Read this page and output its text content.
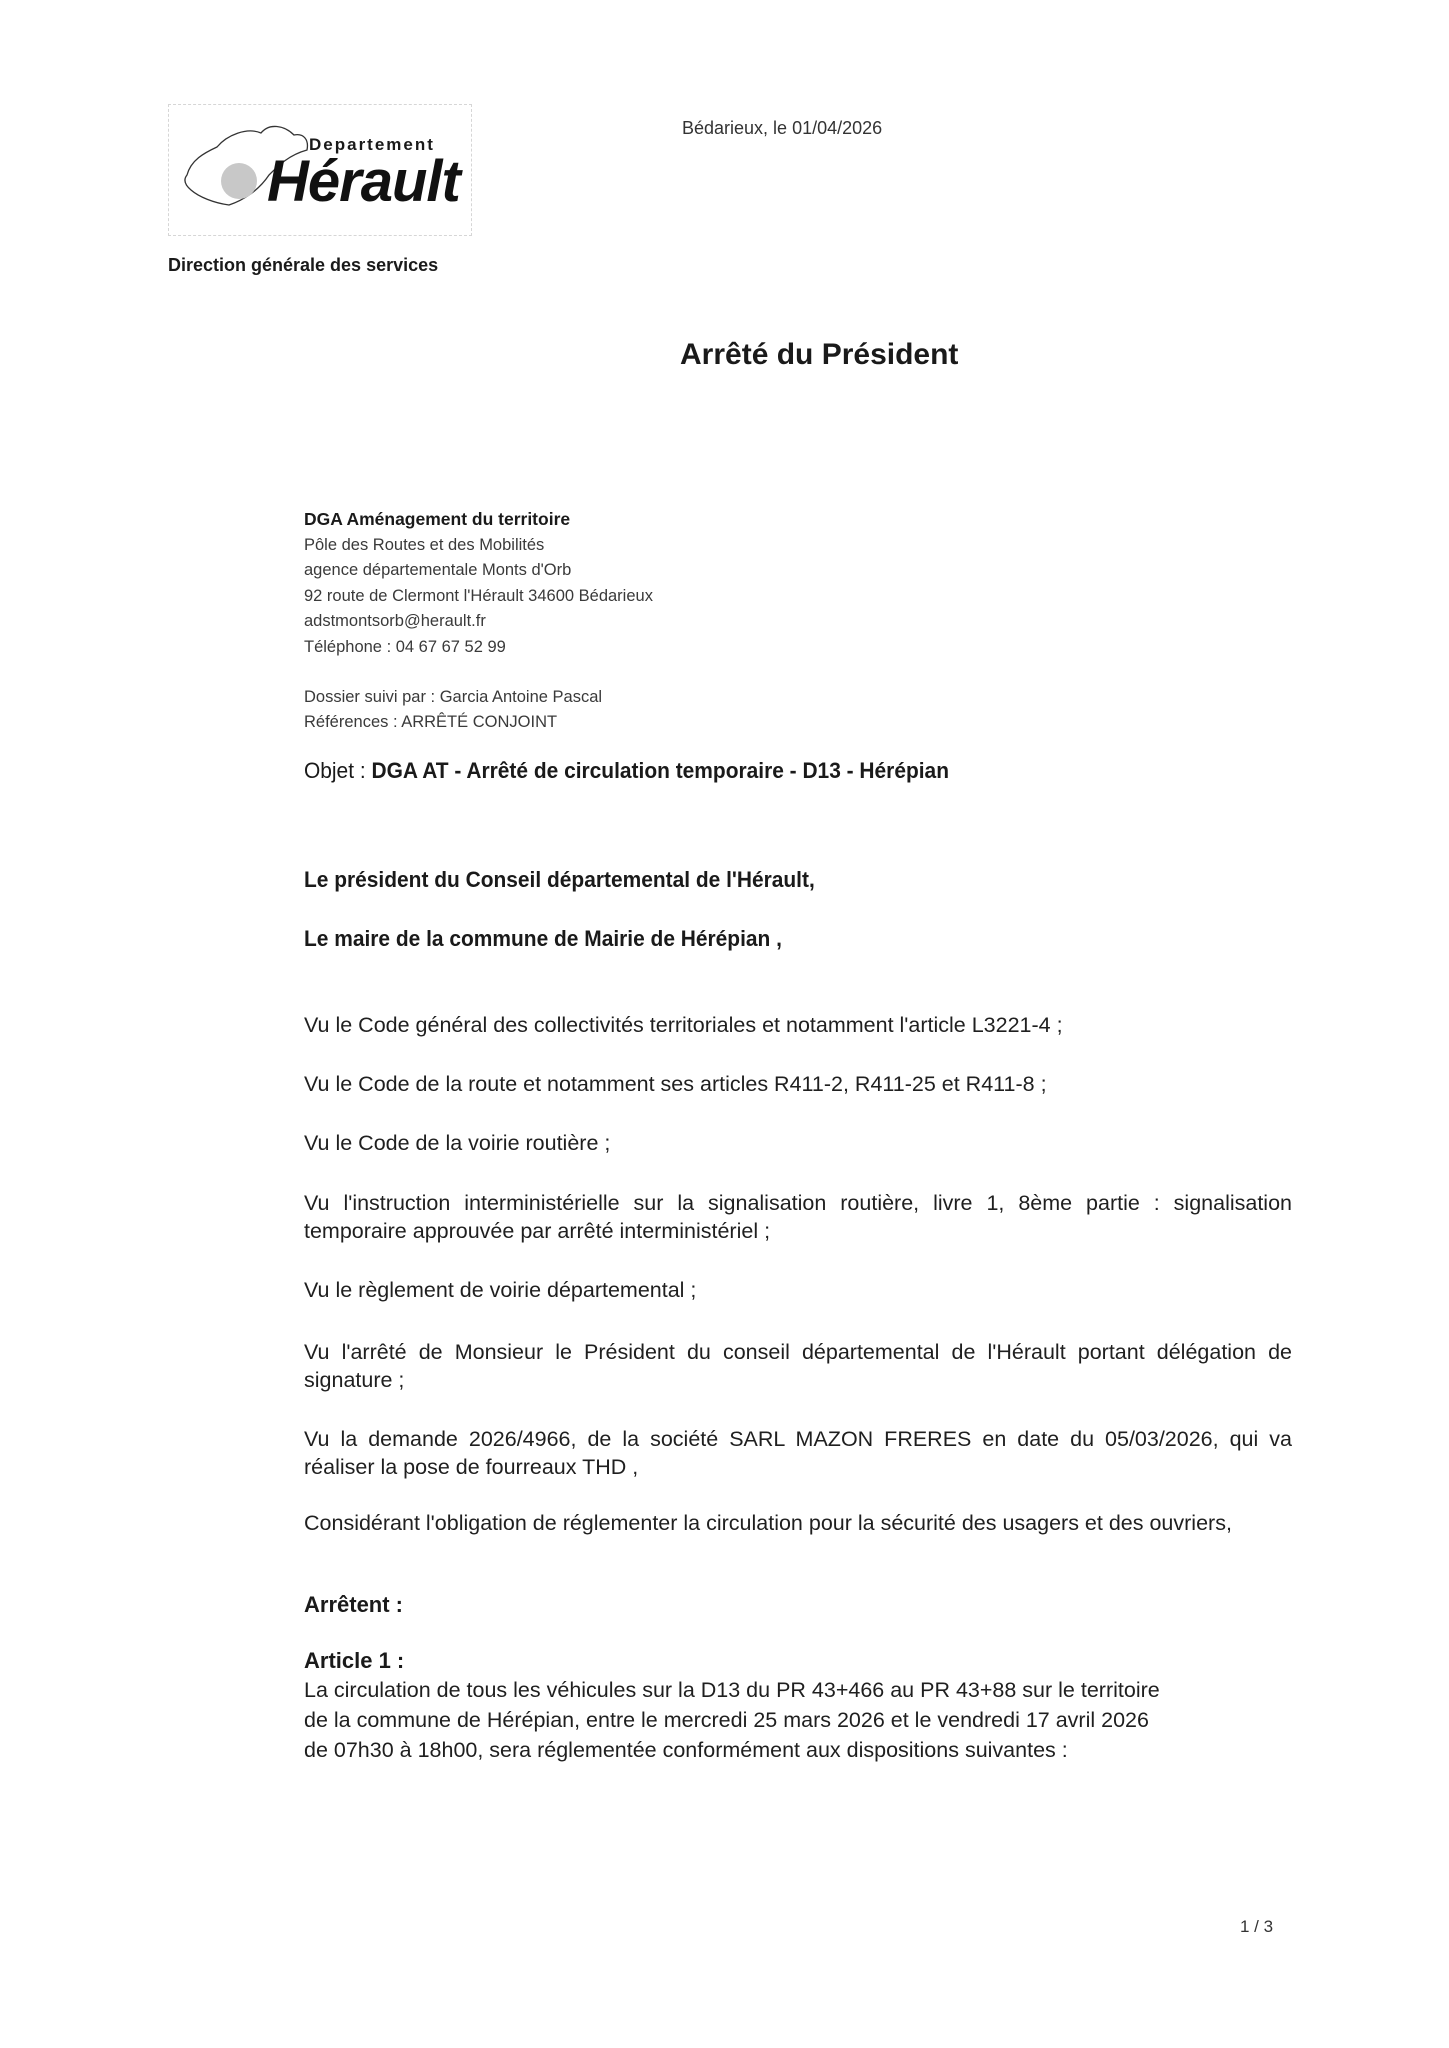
Departement
Hérault
Direction générale des services
Bédarieux, le 01/04/2026
Arrêté du Président
DGA Aménagement du territoire
Pôle des Routes et des Mobilités
agence départementale Monts d'Orb
92 route de Clermont l'Hérault 34600 Bédarieux
adstmontsorb@herault.fr
Téléphone : 04 67 67 52 99
Dossier suivi par : Garcia Antoine Pascal
Références : ARRÊTÉ CONJOINT
Objet : DGA AT - Arrêté de circulation temporaire - D13 - Hérépian
Le président du Conseil départemental de l'Hérault,
Le maire de la commune de Mairie de Hérépian ,
Vu le Code général des collectivités territoriales et notamment l'article L3221-4 ;
Vu le Code de la route et notamment ses articles R411-2, R411-25 et R411-8 ;
Vu le Code de la voirie routière ;
Vu l'instruction interministérielle sur la signalisation routière, livre 1, 8ème partie : signalisation temporaire approuvée par arrêté interministériel ;
Vu le règlement de voirie départemental ;
Vu l'arrêté de Monsieur le Président du conseil départemental de l'Hérault portant délégation de signature ;
Vu la demande 2026/4966, de la société SARL MAZON FRERES en date du 05/03/2026, qui va réaliser la pose de fourreaux THD ,
Considérant l'obligation de réglementer la circulation pour la sécurité des usagers et des ouvriers,
Arrêtent :
Article 1 :
La circulation de tous les véhicules sur la D13 du PR 43+466 au PR 43+88 sur le territoire
de la commune de Hérépian, entre le mercredi 25 mars 2026 et le vendredi 17 avril 2026
de 07h30 à 18h00, sera réglementée conformément aux dispositions suivantes :
1 / 3
